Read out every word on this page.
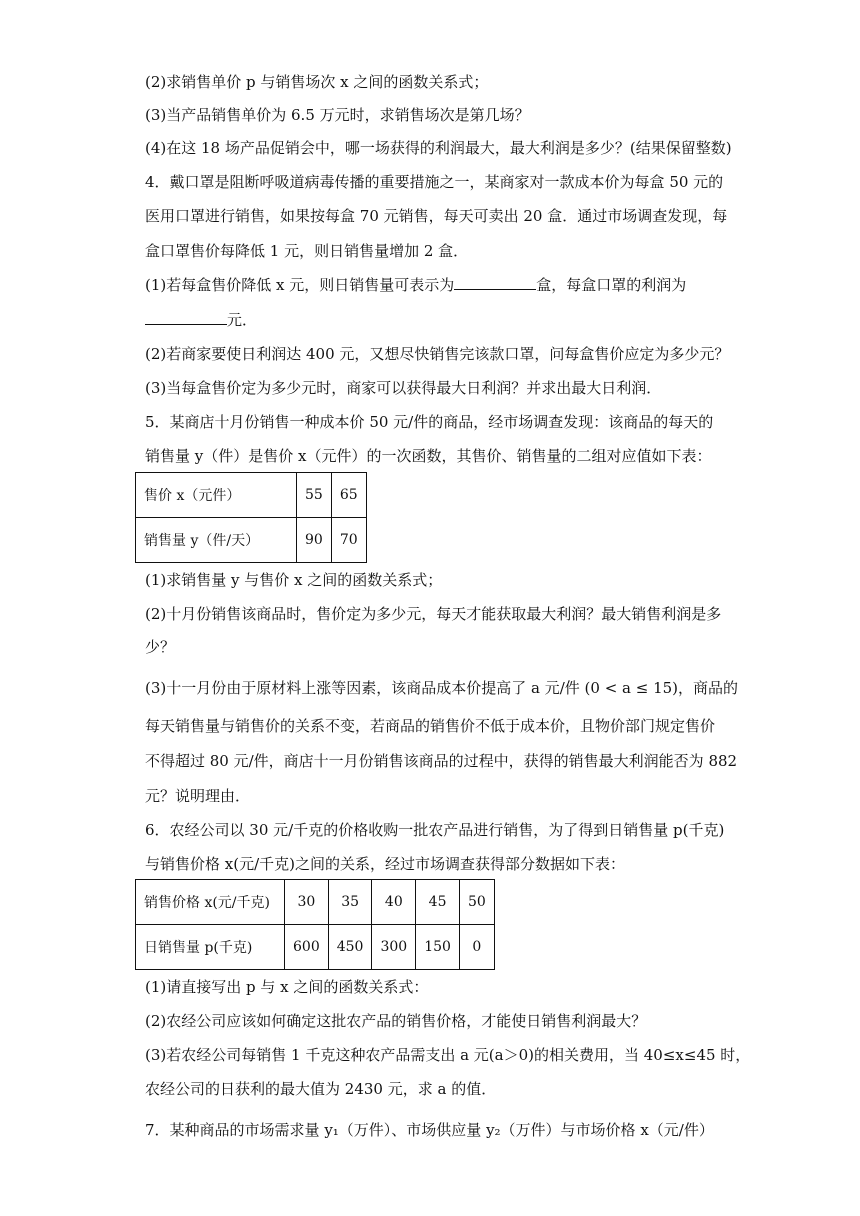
(2)求销售单价 p 与销售场次 x 之间的函数关系式；
(3)当产品销售单价为 6.5 万元时，求销售场次是第几场？
(4)在这 18 场产品促销会中，哪一场获得的利润最大，最大利润是多少？(结果保留整数)
4．戴口罩是阻断呼吸道病毒传播的重要措施之一，某商家对一款成本价为每盒 50 元的
医用口罩进行销售，如果按每盒 70 元销售，每天可卖出 20 盒．通过市场调查发现，每
盒口罩售价每降低 1 元，则日销售量增加 2 盒．
(1)若每盒售价降低 x 元，则日销售量可表示为	盒，每盒口罩的利润为
元．
(2)若商家要使日利润达 400 元，又想尽快销售完该款口罩，问每盒售价应定为多少元？
(3)当每盒售价定为多少元时，商家可以获得最大日利润？并求出最大日利润．
5．某商店十月份销售一种成本价 50 元/件的商品，经市场调查发现：该商品的每天的
销售量 y（件）是售价 x（元件）的一次函数，其售价、销售量的二组对应值如下表：
售价 x（元件）	55	65
销售量 y（件/天）	90	70
(1)求销售量 y 与售价 x 之间的函数关系式；
(2)十月份销售该商品时，售价定为多少元，每天才能获取最大利润？最大销售利润是多
少？
(3)十一月份由于原材料上涨等因素，该商品成本价提高了 a 元/件 (0 < a ≤ 15)，商品的
每天销售量与销售价的关系不变，若商品的销售价不低于成本价，且物价部门规定售价
不得超过 80 元/件，商店十一月份销售该商品的过程中，获得的销售最大利润能否为 882
元？说明理由．
6．农经公司以 30 元/千克的价格收购一批农产品进行销售，为了得到日销售量 p(千克)
与销售价格 x(元/千克)之间的关系，经过市场调查获得部分数据如下表：
销售价格 x(元/千克)	30	35	40	45	50
日销售量 p(千克)	600	450	300	150	0
(1)请直接写出 p 与 x 之间的函数关系式：
(2)农经公司应该如何确定这批农产品的销售价格，才能使日销售利润最大？
(3)若农经公司每销售 1 千克这种农产品需支出 a 元(a＞0)的相关费用，当 40≤x≤45 时，
农经公司的日获利的最大值为 2430 元，求 a 的值．
7．某种商品的市场需求量 y₁（万件）、市场供应量 y₂（万件）与市场价格 x（元/件）
